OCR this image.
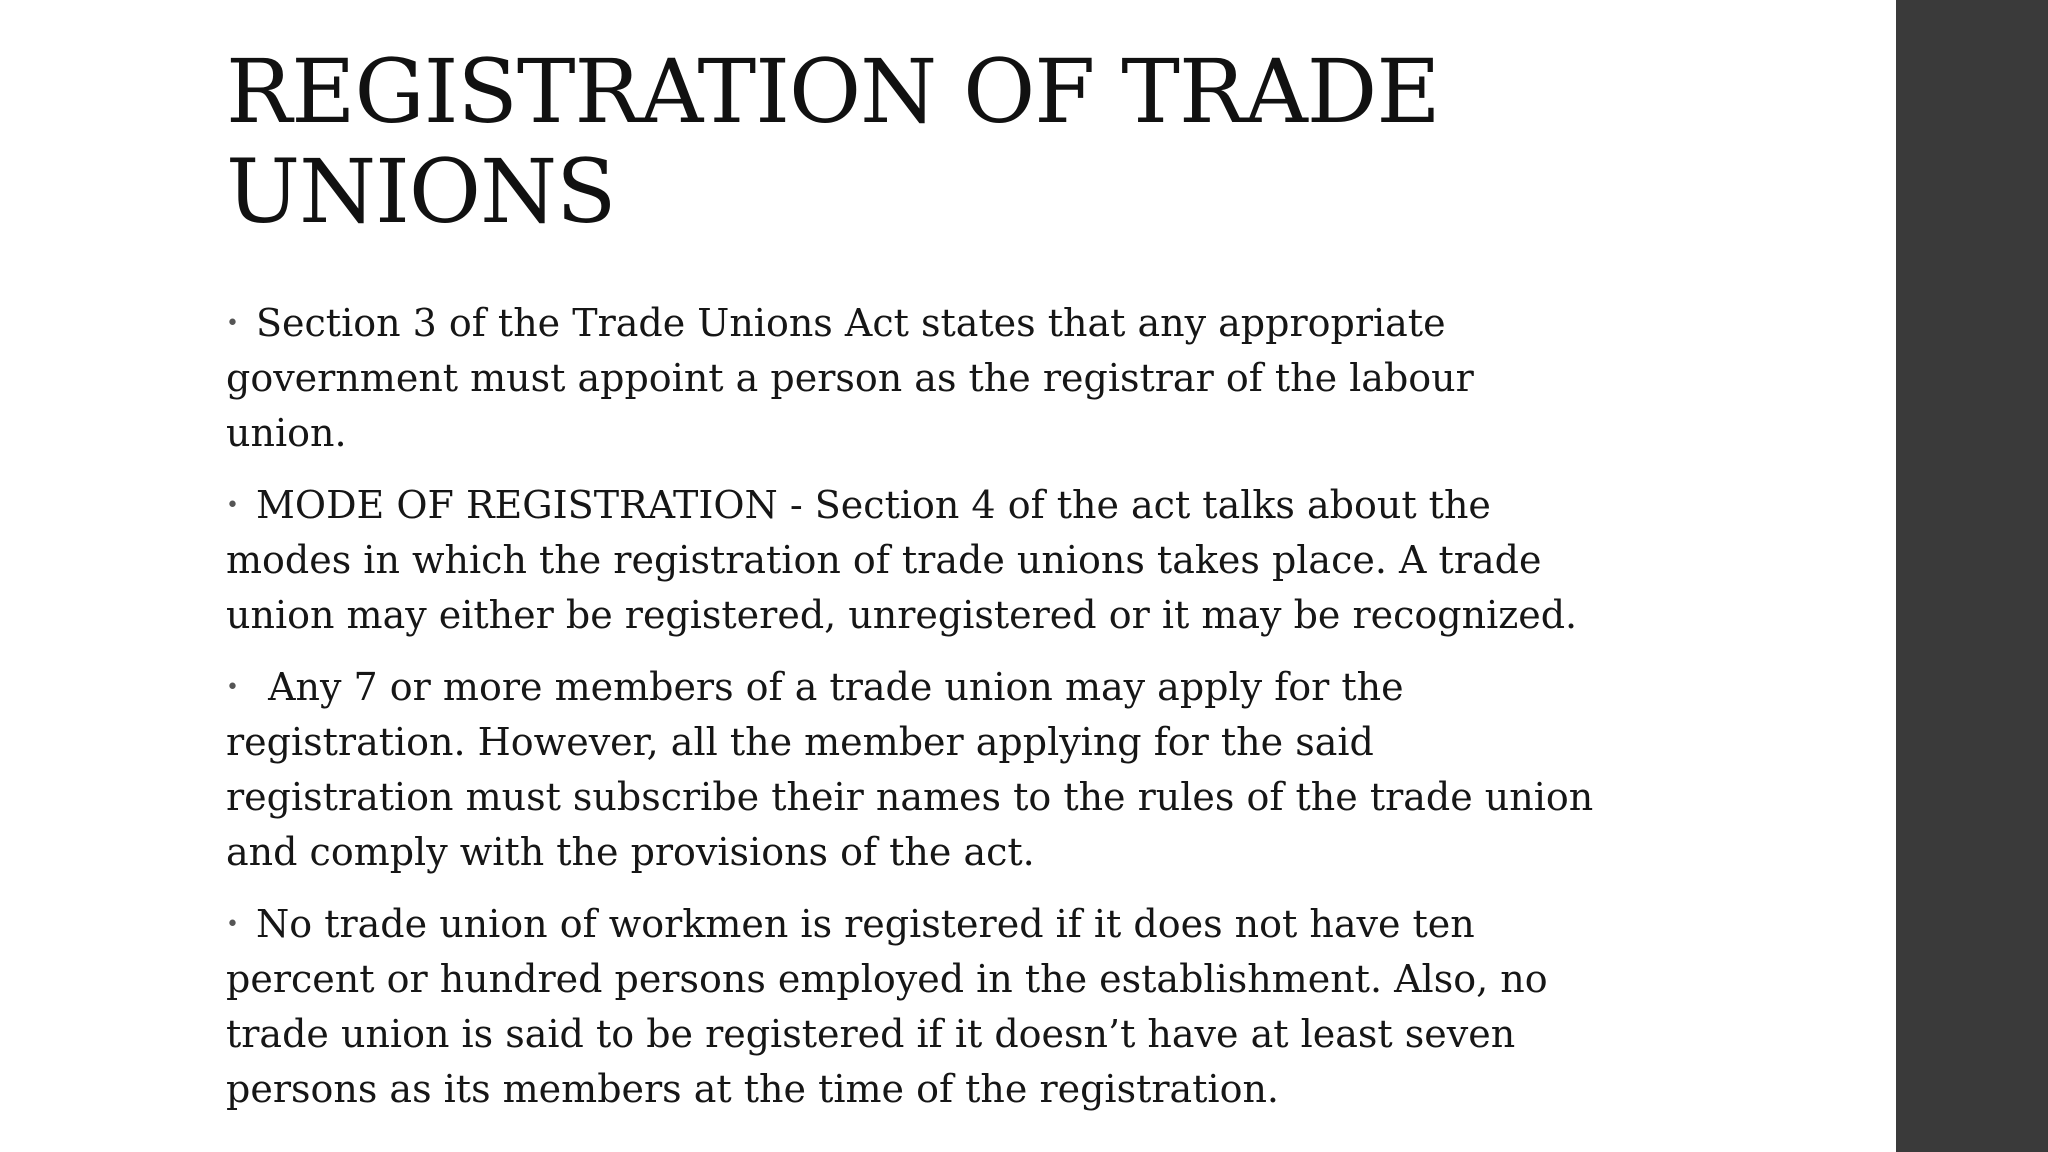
REGISTRATION OF TRADE
UNIONS

• Section 3 of the Trade Unions Act states that any appropriate
government must appoint a person as the registrar of the labour
union.

• MODE OF REGISTRATION - Section 4 of the act talks about the
modes in which the registration of trade unions takes place. A trade
union may either be registered, unregistered or it may be recognized.

• Any 7 or more members of a trade union may apply for the
registration. However, all the member applying for the said
registration must subscribe their names to the rules of the trade union
and comply with the provisions of the act.

• No trade union of workmen is registered if it does not have ten
percent or hundred persons employed in the establishment. Also, no
trade union is said to be registered if it doesn’t have at least seven
persons as its members at the time of the registration.
